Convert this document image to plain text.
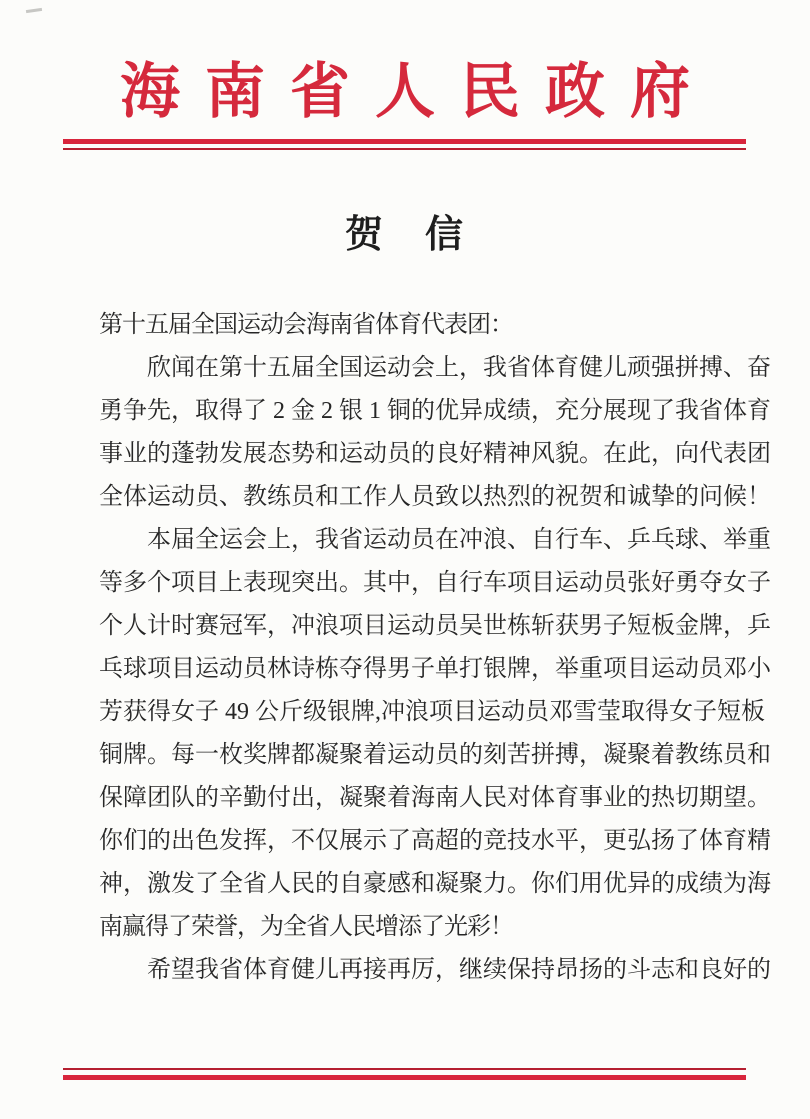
海南省人民政府
贺　信
第十五届全国运动会海南省体育代表团：
欣闻在第十五届全国运动会上，我省体育健儿顽强拼搏、奋
勇争先，取得了 2 金 2 银 1 铜的优异成绩，充分展现了我省体育
事业的蓬勃发展态势和运动员的良好精神风貌。在此，向代表团
全体运动员、教练员和工作人员致以热烈的祝贺和诚挚的问候！
本届全运会上，我省运动员在冲浪、自行车、乒乓球、举重
等多个项目上表现突出。其中，自行车项目运动员张好勇夺女子
个人计时赛冠军，冲浪项目运动员吴世栋斩获男子短板金牌，乒
乓球项目运动员林诗栋夺得男子单打银牌，举重项目运动员邓小
芳获得女子 49 公斤级银牌,冲浪项目运动员邓雪莹取得女子短板
铜牌。每一枚奖牌都凝聚着运动员的刻苦拼搏，凝聚着教练员和
保障团队的辛勤付出，凝聚着海南人民对体育事业的热切期望。
你们的出色发挥，不仅展示了高超的竞技水平，更弘扬了体育精
神，激发了全省人民的自豪感和凝聚力。你们用优异的成绩为海
南赢得了荣誉，为全省人民增添了光彩！
希望我省体育健儿再接再厉，继续保持昂扬的斗志和良好的
